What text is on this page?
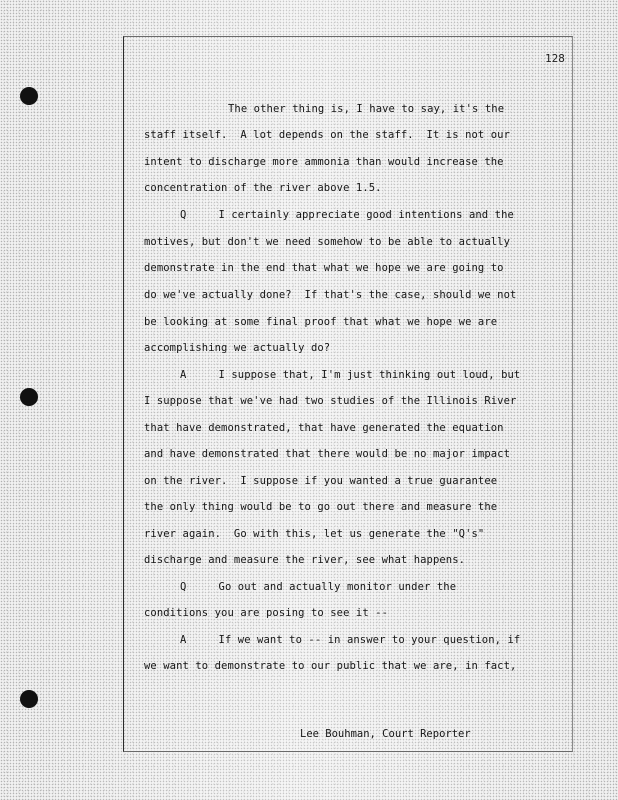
128
The other thing is, I have to say, it's the
staff itself.  A lot depends on the staff.  It is not our
intent to discharge more ammonia than would increase the
concentration of the river above 1.5.
Q     I certainly appreciate good intentions and the
motives, but don't we need somehow to be able to actually
demonstrate in the end that what we hope we are going to
do we've actually done?  If that's the case, should we not
be looking at some final proof that what we hope we are
accomplishing we actually do?
A     I suppose that, I'm just thinking out loud, but
I suppose that we've had two studies of the Illinois River
that have demonstrated, that have generated the equation
and have demonstrated that there would be no major impact
on the river.  I suppose if you wanted a true guarantee
the only thing would be to go out there and measure the
river again.  Go with this, let us generate the "Q's"
discharge and measure the river, see what happens.
Q     Go out and actually monitor under the
conditions you are posing to see it --
A     If we want to -- in answer to your question, if
we want to demonstrate to our public that we are, in fact,
Lee Bouhman, Court Reporter
